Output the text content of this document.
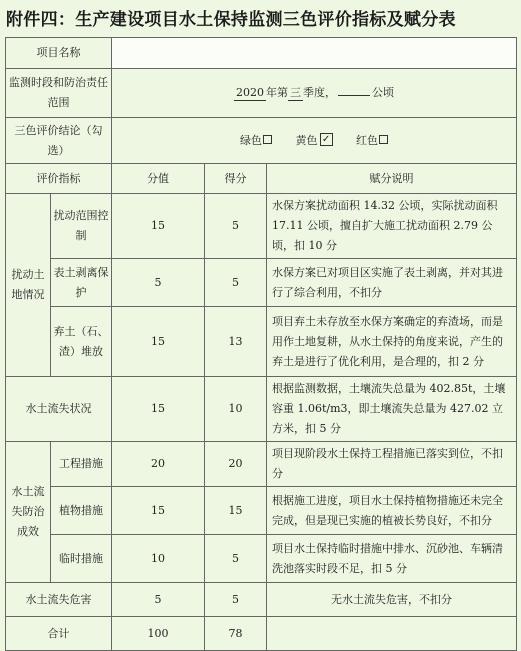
附件四：生产建设项目水土保持监测三色评价指标及赋分表
项目名称				
监测时段和防治责任范围		2020 年第 三 季度， 公顷		
三色评价结论（勾选）		绿色 黄色 ✓ 红色		
评价指标		分值	得分	赋分说明
扰动土地情况	扰动范围控制	15	5	水保方案扰动面积 14.32 公顷，实际扰动面积 17.11 公顷，擅自扩大施工扰动面积 2.79 公顷，扣 10 分
	表土剥离保护	5	5	水保方案已对项目区实施了表土剥离，并对其进行了综合利用，不扣分
	弃土（石、渣）堆放	15	13	项目弃土未存放至水保方案确定的弃渣场，而是用作土地复耕，从水土保持的角度来说，产生的弃土是进行了优化利用，是合理的，扣 2 分
水土流失状况		15	10	根据监测数据，土壤流失总量为 402.85t，土壤容重 1.06t/m3，即土壤流失总量为 427.02 立方米，扣 5 分
水土流失防治成效	工程措施	20	20	项目现阶段水土保持工程措施已落实到位，不扣分
	植物措施	15	15	根据施工进度，项目水土保持植物措施还未完全完成，但是现已实施的植被长势良好，不扣分
	临时措施	10	5	项目水土保持临时措施中排水、沉砂池、车辆清洗池落实时段不足，扣 5 分
水土流失危害		5	5	无水土流失危害，不扣分
合计		100	78	
